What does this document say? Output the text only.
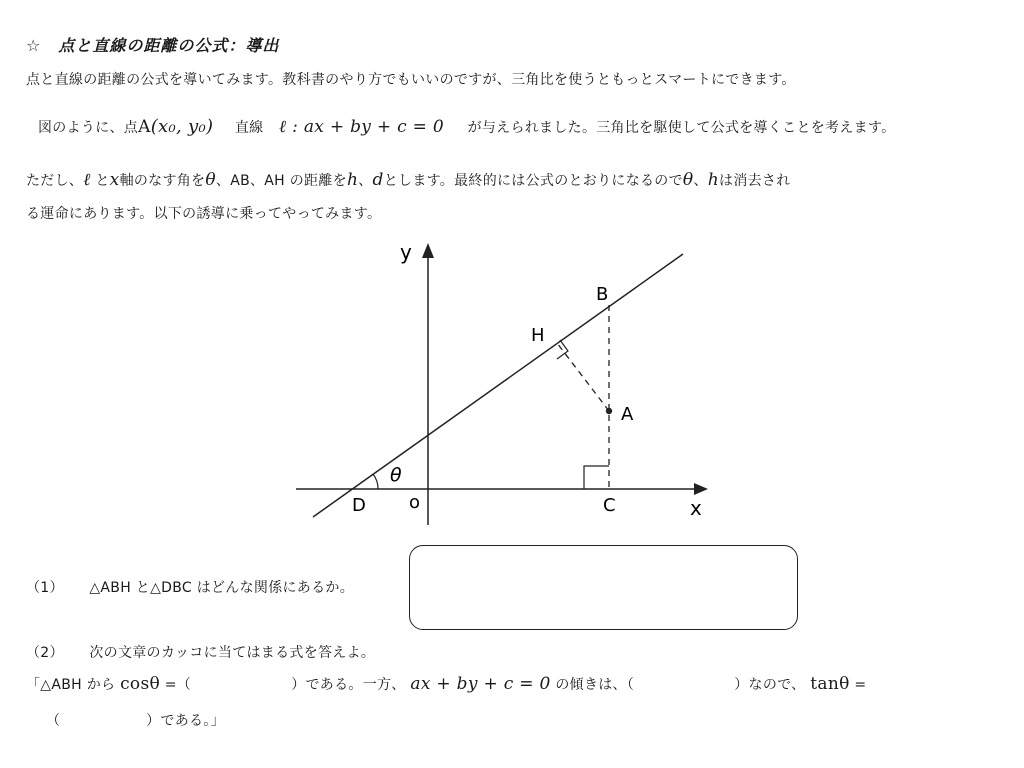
☆　点と直線の距離の公式：導出
点と直線の距離の公式を導いてみます。教科書のやり方でもいいのですが、三角比を使うともっとスマートにできます。
図のように、点A(x₀, y₀) 直線 ℓ : ax + by + c = 0 が与えられました。三角比を駆使して公式を導くことを考えます。
ただし、ℓ とx軸のなす角をθ、AB、AH の距離をh、dとします。最終的には公式のとおりになるのでθ、hは消去され
る運命にあります。以下の誘導に乗ってやってみます。
y
x
o
B
H
A
C
D
θ
（1） △ABH と△DBC はどんな関係にあるか。
（2） 次の文章のカッコに当てはまる式を答えよ。
「△ABH から cosθ =（　　　　　　　）である。一方、 ax + by + c = 0 の傾きは、（　　　　　　　）なので、 tanθ =
（　　　　　　）である。」
